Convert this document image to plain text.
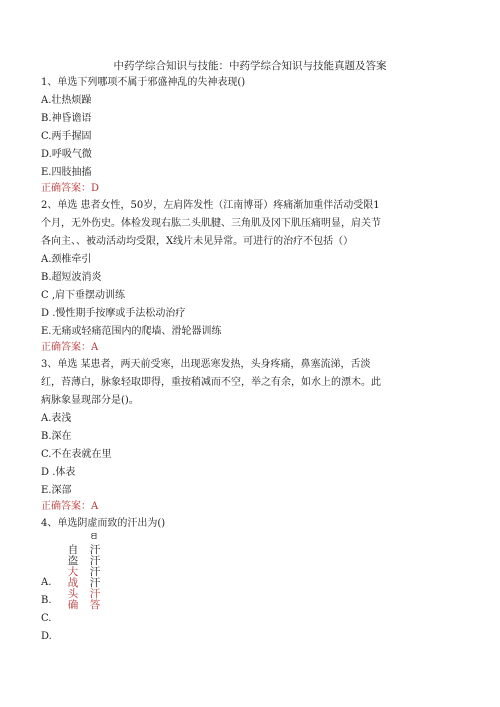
中药学综合知识与技能：中药学综合知识与技能真题及答案
1、单选下列哪项不属于邪盛神乱的失神表现()
A.壮热烦躁
B.神昏谵语
C.两手握固
D.呼吸气微
E.四肢抽搐
正确答案：D
2、单选 患者女性，50岁，左肩阵发性（江南博哥）疼痛渐加重伴活动受限1
个月，无外伤史。体检发现右肱二头肌腱、三角肌及冈下肌压痛明显，肩关节
各向主、、被动活动均受限，X线片未见异常。可进行的治疗不包括（）
A.颈椎牵引
B.超短波消炎
C ,肩下垂摆动训练
D .慢性期手按摩或手法松动治疗
E.无痛或轻痛范围内的爬墙、滑轮器训练
正确答案：A
3、单选 某患者，两天前受寒，出现恶寒发热，头身疼痛，鼻塞流涕，舌淡
红，苔薄白，脉象轻取即得，重按稍减而不空，举之有余，如水上的漂木。此
病脉象显现部分是()。
A.表浅
B.深在
C.不在表就在里
D .体表
E.深部
正确答案：A
4、单选阴虚而致的汗出为()
ᗺ
自
盗
大
战
头
确
汗
汗
汗
汗
汗
答
A.
B.
C.
D.
